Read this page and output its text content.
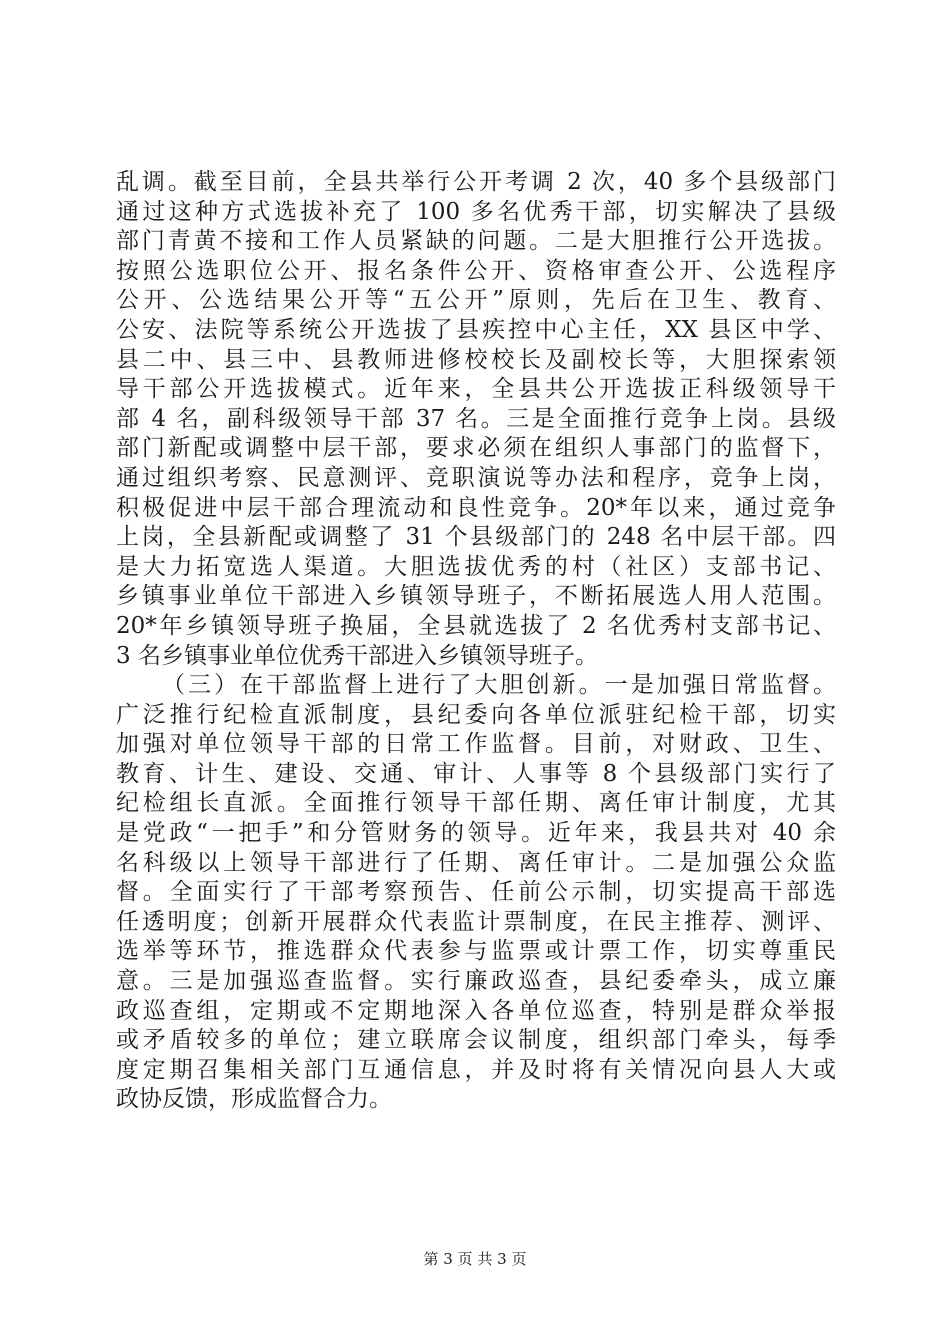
乱调。截至目前，全县共举行公开考调 2 次，40 多个县级部门
通过这种方式选拔补充了 100 多名优秀干部，切实解决了县级
部门青黄不接和工作人员紧缺的问题。二是大胆推行公开选拔。
按照公选职位公开、报名条件公开、资格审查公开、公选程序
公开、公选结果公开等“五公开”原则，先后在卫生、教育、
公安、法院等系统公开选拔了县疾控中心主任，XX 县区中学、
县二中、县三中、县教师进修校校长及副校长等，大胆探索领
导干部公开选拔模式。近年来，全县共公开选拔正科级领导干
部 4 名，副科级领导干部 37 名。三是全面推行竞争上岗。县级
部门新配或调整中层干部，要求必须在组织人事部门的监督下，
通过组织考察、民意测评、竞职演说等办法和程序，竞争上岗，
积极促进中层干部合理流动和良性竞争。20*年以来，通过竞争
上岗，全县新配或调整了 31 个县级部门的 248 名中层干部。四
是大力拓宽选人渠道。大胆选拔优秀的村（社区）支部书记、
乡镇事业单位干部进入乡镇领导班子，不断拓展选人用人范围。
20*年乡镇领导班子换届，全县就选拔了 2 名优秀村支部书记、
3 名乡镇事业单位优秀干部进入乡镇领导班子。
（三）在干部监督上进行了大胆创新。一是加强日常监督。
广泛推行纪检直派制度，县纪委向各单位派驻纪检干部，切实
加强对单位领导干部的日常工作监督。目前，对财政、卫生、
教育、计生、建设、交通、审计、人事等 8 个县级部门实行了
纪检组长直派。全面推行领导干部任期、离任审计制度，尤其
是党政“一把手”和分管财务的领导。近年来，我县共对 40 余
名科级以上领导干部进行了任期、离任审计。二是加强公众监
督。全面实行了干部考察预告、任前公示制，切实提高干部选
任透明度；创新开展群众代表监计票制度，在民主推荐、测评、
选举等环节，推选群众代表参与监票或计票工作，切实尊重民
意。三是加强巡查监督。实行廉政巡查，县纪委牵头，成立廉
政巡查组，定期或不定期地深入各单位巡查，特别是群众举报
或矛盾较多的单位；建立联席会议制度，组织部门牵头，每季
度定期召集相关部门互通信息，并及时将有关情况向县人大或
政协反馈，形成监督合力。
第 3 页 共 3 页
